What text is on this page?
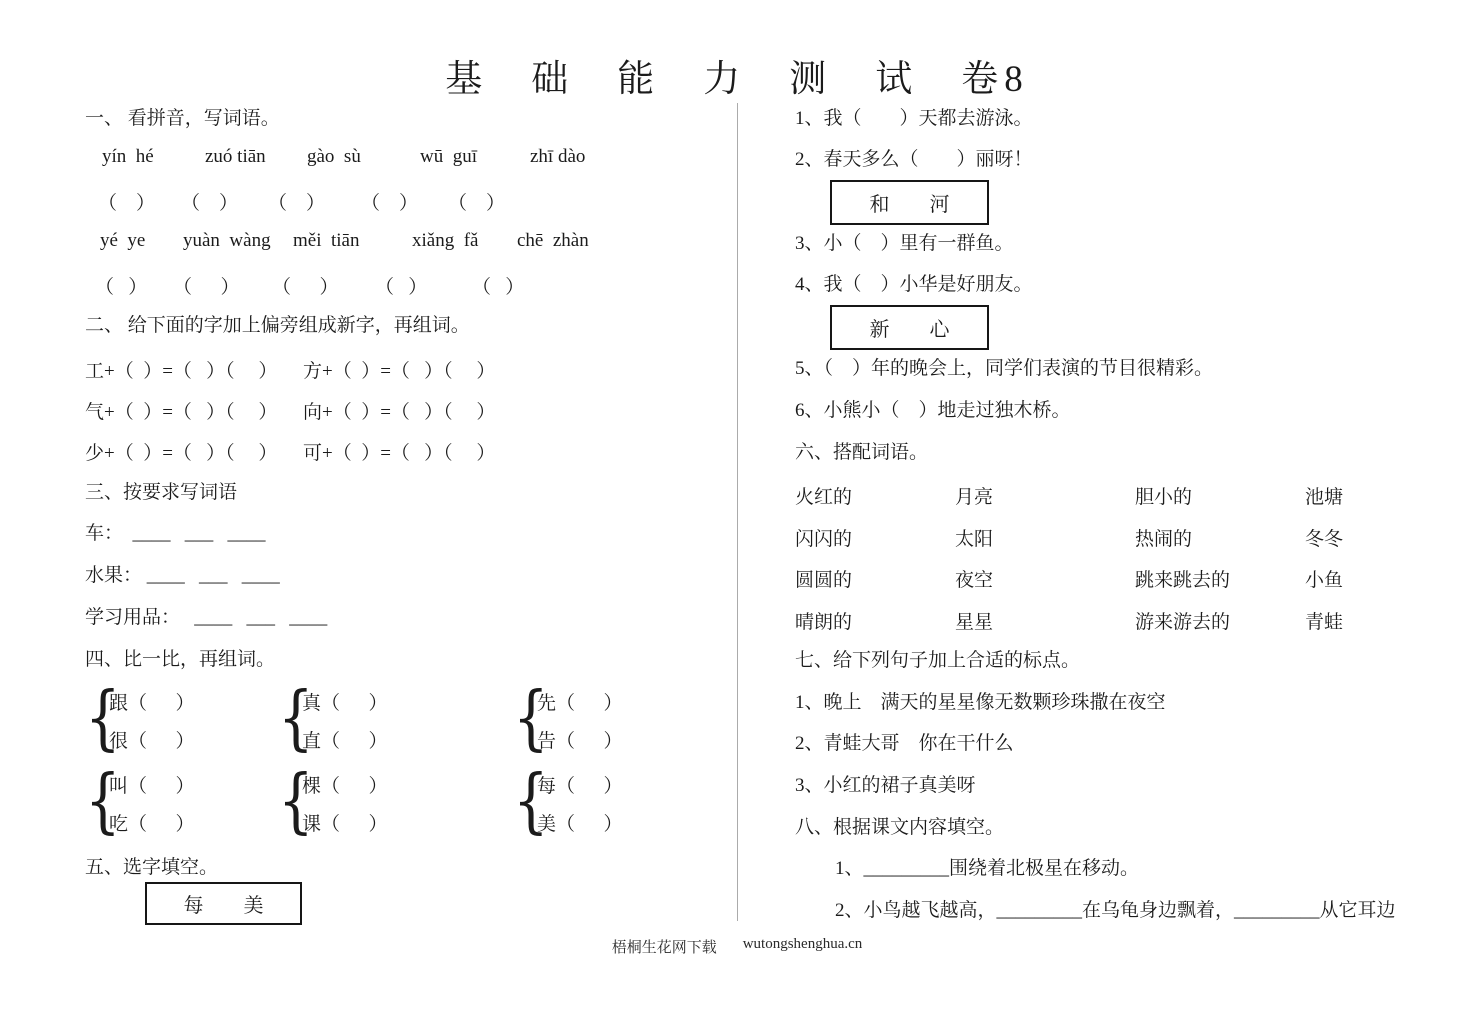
基　础　能　力　测　试　卷8
一、 看拼音，写词语。
yín  hé	zuó tiān gào  sù	wū  guī	zhī dào
（    ） （    ） （    ） （    ） （    ）
yé  ye yuàn  wàng měi  tiān	xiǎng  fǎ chē  zhàn
（   ） （      ） （      ） （   ） （   ）
二、 给下面的字加上偏旁组成新字，再组词。
工+（  ）=（   ）（     ） 方+（  ）=（   ）（     ）
气+（  ）=（   ）（     ） 向+（  ）=（   ）（     ）
少+（  ）=（   ）（     ） 可+（  ）=（   ）（     ）
三、按要求写词语
车：  ____   ___   ____
水果： ____   ___   ____
学习用品：   ____   ___   ____
四、比一比，再组词。
{
跟（      ）
很（      ） {
真（      ）
直（      ） {
先（      ）
告（      ）
{
叫（      ）
吃（      ） {
棵（      ）
课（      ） {
每（      ）
美（      ）
五、选字填空。
每　　美
1、我（　　）天都去游泳。
2、春天多么（　　）丽呀！
和　　河
3、小（　）里有一群鱼。
4、我（　）小华是好朋友。
新　　心
5、（　）年的晚会上，同学们表演的节目很精彩。
6、小熊小（　）地走过独木桥。
六、搭配词语。
火红的	月亮	胆小的	池塘
闪闪的	太阳	热闹的	冬冬
圆圆的	夜空	跳来跳去的	小鱼
晴朗的	星星	游来游去的	青蛙
七、给下列句子加上合适的标点。
1、晚上　满天的星星像无数颗珍珠撒在夜空
2、青蛙大哥　你在干什么
3、小红的裙子真美呀
八、根据课文内容填空。
1、_________围绕着北极星在移动。
2、小鸟越飞越高，_________在乌龟身边飘着，_________从它耳边
梧桐生花网下载 wutongshenghua.cn
